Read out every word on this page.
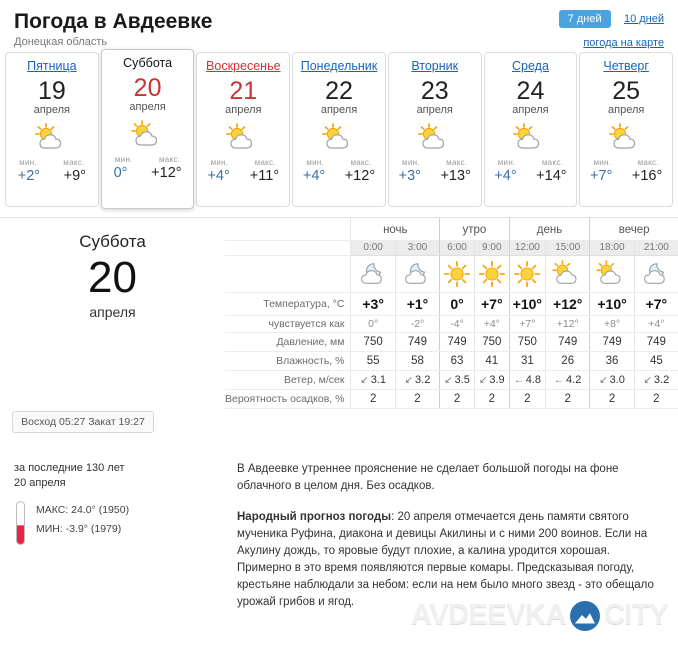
Погода в Авдеевке
Донецкая область
7 дней 10 дней
погода на карте
Пятница
19
апреля
мин.	макс.
+2° +9°
Суббота
20
апреля
мин.	макс.
0° +12°
Воскресенье
21
апреля
мин.	макс.
+4° +11°
Понедельник
22
апреля
мин.	макс.
+4° +12°
Вторник
23
апреля
мин.	макс.
+3° +13°
Среда
24
апреля
мин.	макс.
+4° +14°
Четверг
25
апреля
мин.	макс.
+7° +16°
Суббота
20
апреля
Восход 05:27 Закат 19:27
	ночь		утро		день		вечер	
	0:00	3:00	6:00	9:00	12:00	15:00	18:00	21:00

Температура, °С	+3°	+1°	0°	+7°	+10°	+12°	+10°	+7°
чувствуется как	0°	-2°	-4°	+4°	+7°	+12°	+8°	+4°
Давление, мм	750	749	749	750	750	749	749	749
Влажность, %	55	58	63	41	31	26	36	45
Ветер, м/сек	↙ 3.1	↙ 3.2	↙ 3.5	↙ 3.9	← 4.8	← 4.2	↙ 3.0	↙ 3.2
Вероятность осадков, %	2	2	2	2	2	2	2	2
за последние 130 лет
20 апреля
МАКС: 24.0° (1950)
МИН: -3.9° (1979)

В Авдеевке утреннее прояснение не сделает большой погоды на фоне облачного в целом дня. Без осадков.

Народный прогноз погоды: 20 апреля отмечается день памяти святого мученика Руфина, диакона и девицы Акилины и с ними 200 воинов. Если на Акулину дождь, то яровые будут плохие, а калина уродится хорошая. Примерно в это время появляются первые комары. Предсказывая погоду, крестьяне наблюдали за небом: если на нем было много звезд - это обещало урожай грибов и ягод.	AVDEEVKA CITY
